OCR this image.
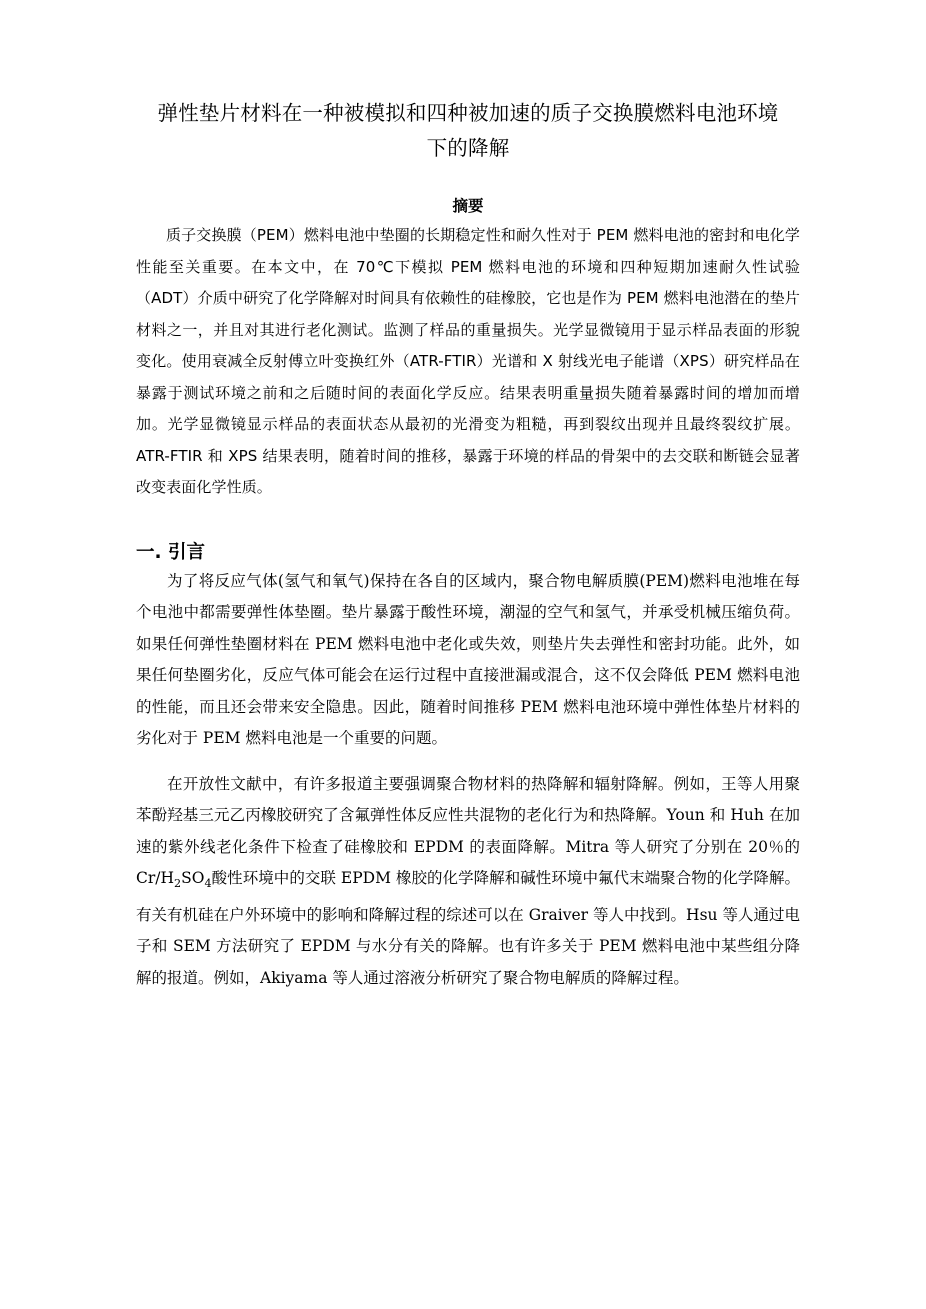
弹性垫片材料在一种被模拟和四种被加速的质子交换膜燃料电池环境下的降解
摘要

质子交换膜（PEM）燃料电池中垫圈的长期稳定性和耐久性对于 PEM 燃料电池的密封和电化学性能至关重要。在本文中，在 70℃下模拟 PEM 燃料电池的环境和四种短期加速耐久性试验（ADT）介质中研究了化学降解对时间具有依赖性的硅橡胶，它也是作为 PEM 燃料电池潜在的垫片材料之一，并且对其进行老化测试。监测了样品的重量损失。光学显微镜用于显示样品表面的形貌变化。使用衰减全反射傅立叶变换红外（ATR-FTIR）光谱和 X 射线光电子能谱（XPS）研究样品在暴露于测试环境之前和之后随时间的表面化学反应。结果表明重量损失随着暴露时间的增加而增加。光学显微镜显示样品的表面状态从最初的光滑变为粗糙，再到裂纹出现并且最终裂纹扩展。ATR-FTIR 和 XPS 结果表明，随着时间的推移，暴露于环境的样品的骨架中的去交联和断链会显著改变表面化学性质。

一. 引言

为了将反应气体(氢气和氧气)保持在各自的区域内，聚合物电解质膜(PEM)燃料电池堆在每个电池中都需要弹性体垫圈。垫片暴露于酸性环境，潮湿的空气和氢气，并承受机械压缩负荷。如果任何弹性垫圈材料在 PEM 燃料电池中老化或失效，则垫片失去弹性和密封功能。此外，如果任何垫圈劣化，反应气体可能会在运行过程中直接泄漏或混合，这不仅会降低 PEM 燃料电池的性能，而且还会带来安全隐患。因此，随着时间推移 PEM 燃料电池环境中弹性体垫片材料的劣化对于 PEM 燃料电池是一个重要的问题。

在开放性文献中，有许多报道主要强调聚合物材料的热降解和辐射降解。例如，王等人用聚苯酚羟基三元乙丙橡胶研究了含氟弹性体反应性共混物的老化行为和热降解。Youn 和 Huh 在加速的紫外线老化条件下检查了硅橡胶和 EPDM 的表面降解。Mitra 等人研究了分别在 20％的 $Cr/H_2SO_4$酸性环境中的交联 EPDM 橡胶的化学降解和碱性环境中氟代末端聚合物的化学降解。有关有机硅在户外环境中的影响和降解过程的综述可以在 Graiver 等人中找到。Hsu 等人通过电子和 SEM 方法研究了 EPDM 与水分有关的降解。也有许多关于 PEM 燃料电池中某些组分降解的报道。例如，Akiyama 等人通过溶液分析研究了聚合物电解质的降解过程。
